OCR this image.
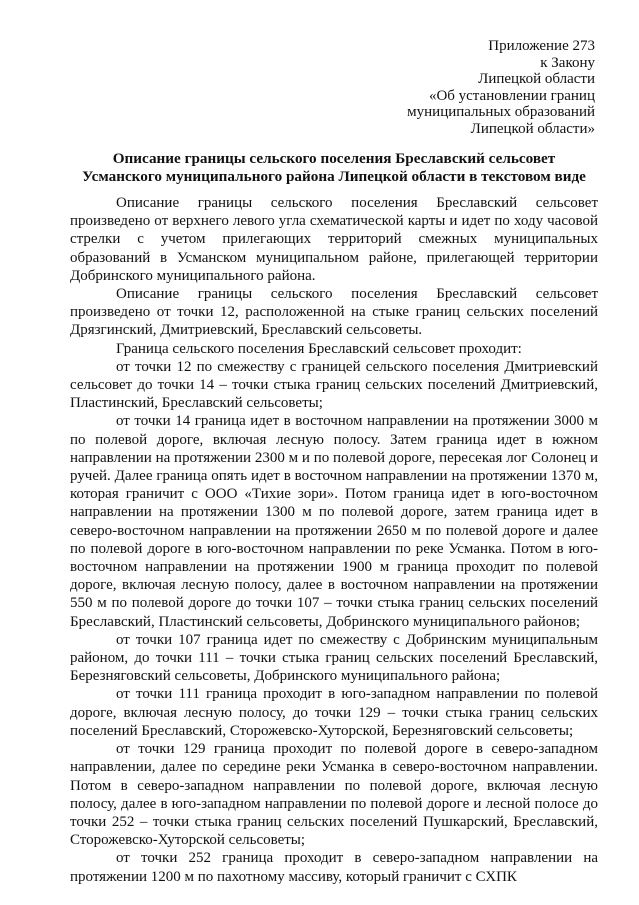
Приложение 273
к Закону
Липецкой области
«Об установлении границ
муниципальных образований
Липецкой области»
Описание границы сельского поселения Бреславский сельсовет
Усманского муниципального района Липецкой области в текстовом виде

Описание границы сельского поселения Бреславский сельсовет произведено от верхнего левого угла схематической карты и идет по ходу часовой стрелки с учетом прилегающих территорий смежных муниципальных образований в Усманском муниципальном районе, прилегающей территории Добринского муниципального района.

Описание границы сельского поселения Бреславский сельсовет произведено от точки 12, расположенной на стыке границ сельских поселений Дрязгинский, Дмитриевский, Бреславский сельсоветы.

Граница сельского поселения Бреславский сельсовет проходит:

от точки 12 по смежеству с границей сельского поселения Дмитриевский сельсовет до точки 14 – точки стыка границ сельских поселений Дмитриевский, Пластинский, Бреславский сельсоветы;

от точки 14 граница идет в восточном направлении на протяжении 3000 м по полевой дороге, включая лесную полосу. Затем граница идет в южном направлении на протяжении 2300 м и по полевой дороге, пересекая лог Солонец и ручей. Далее граница опять идет в восточном направлении на протяжении 1370 м, которая граничит с ООО «Тихие зори». Потом граница идет в юго-восточном направлении на протяжении 1300 м по полевой дороге, затем граница идет в северо-восточном направлении на протяжении 2650 м по полевой дороге и далее по полевой дороге в юго-восточном направлении по реке Усманка. Потом в юго-восточном направлении на протяжении 1900 м граница проходит по полевой дороге, включая лесную полосу, далее в восточном направлении на протяжении 550 м по полевой дороге до точки 107 – точки стыка границ сельских поселений Бреславский, Пластинский сельсоветы, Добринского муниципального районов;

от точки 107 граница идет по смежеству с Добринским муниципальным районом, до точки 111 – точки стыка границ сельских поселений Бреславский, Березняговский сельсоветы, Добринского муниципального района;

от точки 111 граница проходит в юго-западном направлении по полевой дороге, включая лесную полосу, до точки 129 – точки стыка границ сельских поселений Бреславский, Сторожевско-Хуторской, Березняговский сельсоветы;

от точки 129 граница проходит по полевой дороге в северо-западном направлении, далее по середине реки Усманка в северо-восточном направлении. Потом в северо-западном направлении по полевой дороге, включая лесную полосу, далее в юго-западном направлении по полевой дороге и лесной полосе до точки 252 – точки стыка границ сельских поселений Пушкарский, Бреславский, Сторожевско-Хуторской сельсоветы;

от точки 252 граница проходит в северо-западном направлении на протяжении 1200 м по пахотному массиву, который граничит с СХПК
